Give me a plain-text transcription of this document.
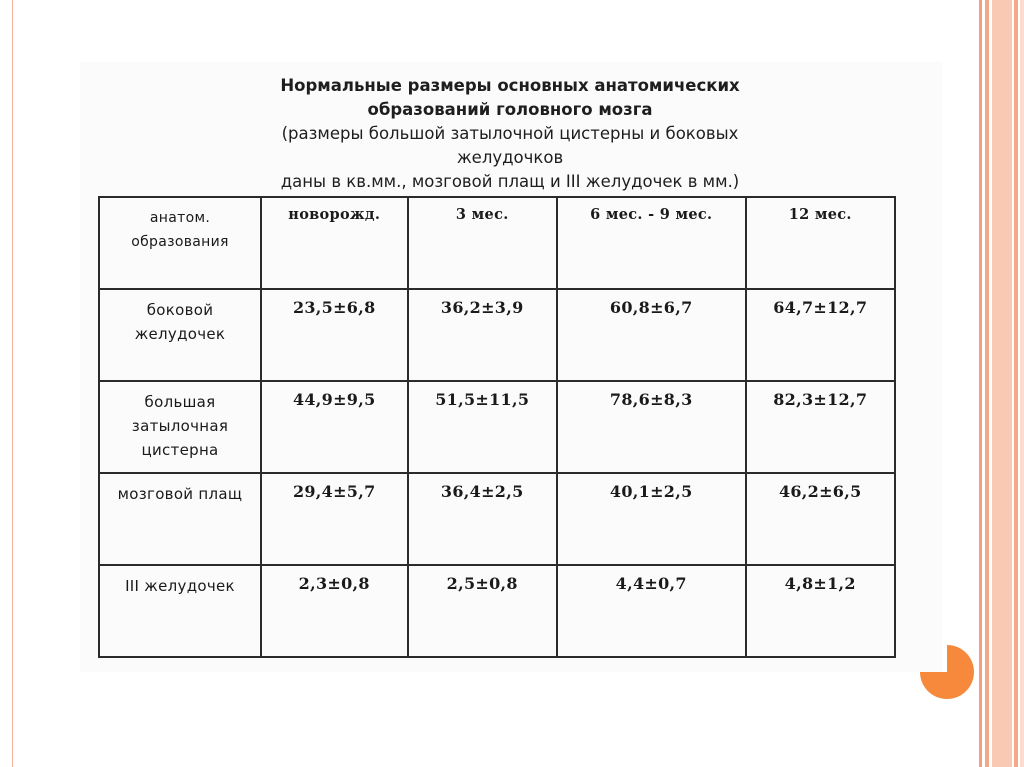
Нормальные размеры основных анатомических
образований головного мозга
(размеры большой затылочной цистерны и боковых желудочков
даны в кв.мм., мозговой плащ и III желудочек в мм.)
анатом.
образования	новорожд.	3 мес.	6 мес. - 9 мес.	12 мес.

боковой
желудочек	23,5±6,8	36,2±3,9	60,8±6,7	64,7±12,7

большая
затылочная
цистерна	44,9±9,5	51,5±11,5	78,6±8,3	82,3±12,7

мозговой плащ	29,4±5,7	36,4±2,5	40,1±2,5	46,2±6,5

III желудочек	2,3±0,8	2,5±0,8	4,4±0,7	4,8±1,2
